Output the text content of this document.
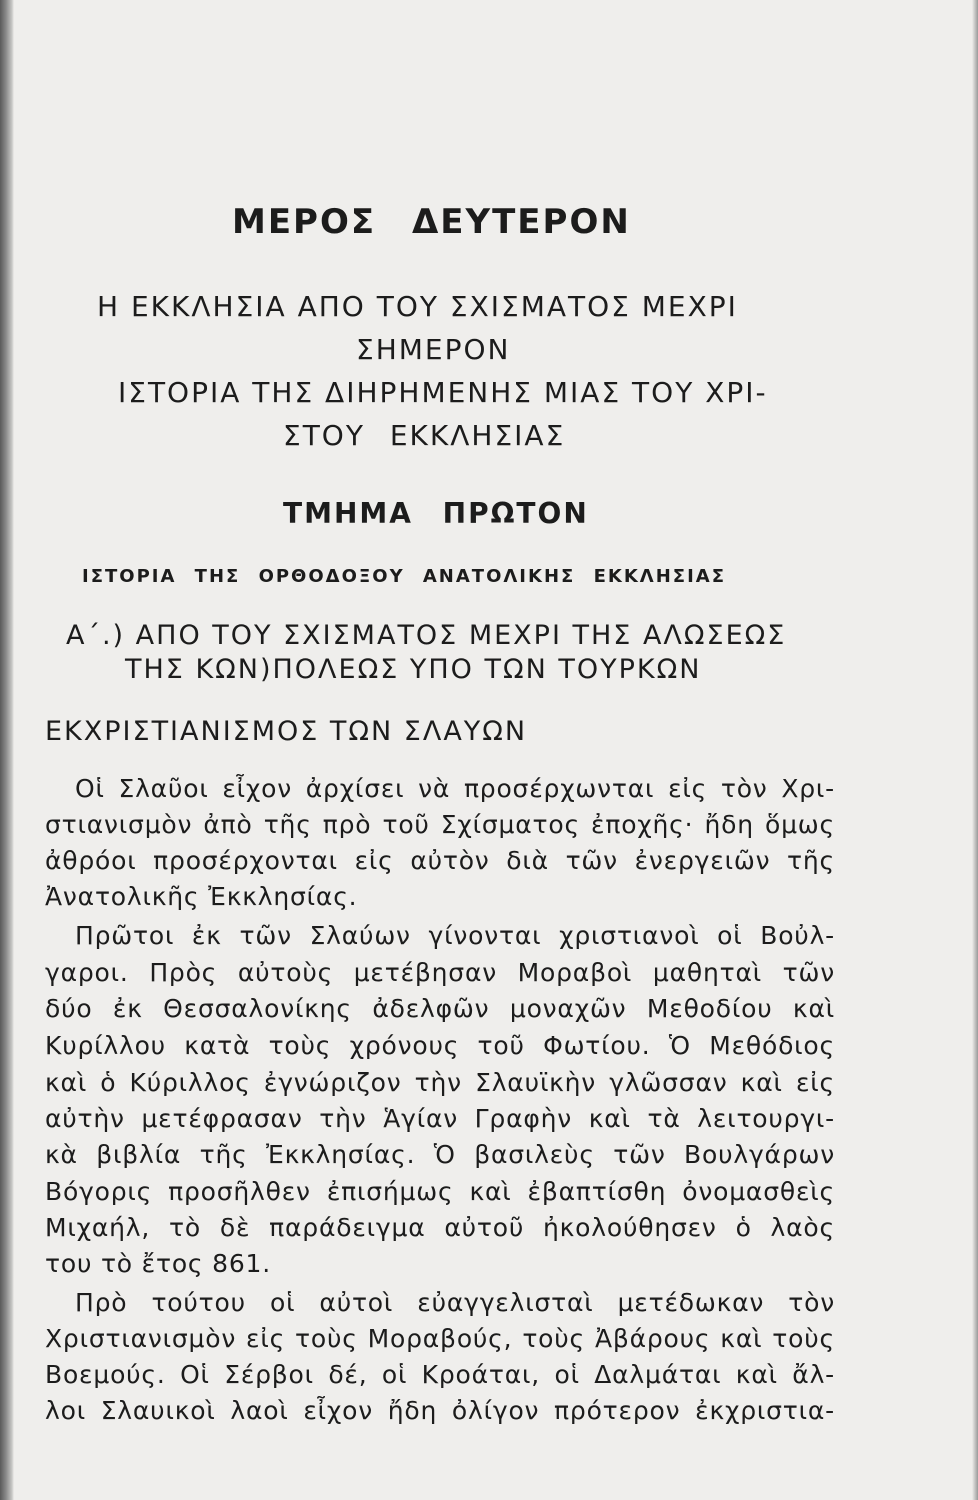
ΜΕΡΟΣ ΔΕΥΤΕΡΟΝ
Η ΕΚΚΛΗΣΙΑ ΑΠΟ ΤΟΥ ΣΧΙΣΜΑΤΟΣ ΜΕΧΡΙ
ΣΗΜΕΡΟΝ
ΙΣΤΟΡΙΑ ΤΗΣ ΔΙΗΡΗΜΕΝΗΣ ΜΙΑΣ ΤΟΥ ΧΡΙ-
ΣΤΟΥ ΕΚΚΛΗΣΙΑΣ
ΤΜΗΜΑ ΠΡΩΤΟΝ
ΙΣΤΟΡΙΑ ΤΗΣ ΟΡΘΟΔΟΞΟΥ ΑΝΑΤΟΛΙΚΗΣ ΕΚΚΛΗΣΙΑΣ
Α΄.) ΑΠΟ ΤΟΥ ΣΧΙΣΜΑΤΟΣ ΜΕΧΡΙ ΤΗΣ ΑΛΩΣΕΩΣ
ΤΗΣ ΚΩΝ)ΠΟΛΕΩΣ ΥΠΟ ΤΩΝ ΤΟΥΡΚΩΝ
ΕΚΧΡΙΣΤΙΑΝΙΣΜΟΣ ΤΩΝ ΣΛΑΥΩΝ

Οἱ Σλαῦοι εἶχον ἀρχίσει νὰ προσέρχωνται εἰς τὸν Χρι-

στιανισμὸν ἀπὸ τῆς πρὸ τοῦ Σχίσματος ἐποχῆς· ἤδη ὅμως

ἀθρόοι προσέρχονται εἰς αὐτὸν διὰ τῶν ἐνεργειῶν τῆς

Ἀνατολικῆς Ἐκκλησίας.

Πρῶτοι ἐκ τῶν Σλαύων γίνονται χριστιανοὶ οἱ Βοὐλ-

γαροι. Πρὸς αὐτοὺς μετέβησαν Μοραβοὶ μαθηταὶ τῶν

δύο ἐκ Θεσσαλονίκης ἀδελφῶν μοναχῶν Μεθοδίου καὶ

Κυρίλλου κατὰ τοὺς χρόνους τοῦ Φωτίου. Ὁ Μεθόδιος

καὶ ὁ Κύριλλος ἐγνώριζον τὴν Σλαυϊκὴν γλῶσσαν καὶ εἰς

αὐτὴν μετέφρασαν τὴν Ἁγίαν Γραφὴν καὶ τὰ λειτουργι-

κὰ βιβλία τῆς Ἐκκλησίας. Ὁ βασιλεὺς τῶν Βουλγάρων

Βόγορις προσῆλθεν ἐπισήμως καὶ ἐβαπτίσθη ὀνομασθεὶς

Μιχαήλ, τὸ δὲ παράδειγμα αὐτοῦ ἠκολούθησεν ὁ λαὸς

του τὸ ἔτος 861.

Πρὸ τούτου οἱ αὐτοὶ εὐαγγελισταὶ μετέδωκαν τὸν

Χριστιανισμὸν εἰς τοὺς Μοραβούς, τοὺς Ἀβάρους καὶ τοὺς

Βοεμούς. Οἱ Σέρβοι δέ, οἱ Κροάται, οἱ Δαλμάται καὶ ἄλ-

λοι Σλαυικοὶ λαοὶ εἶχον ἤδη ὀλίγον πρότερον ἐκχριστια-
